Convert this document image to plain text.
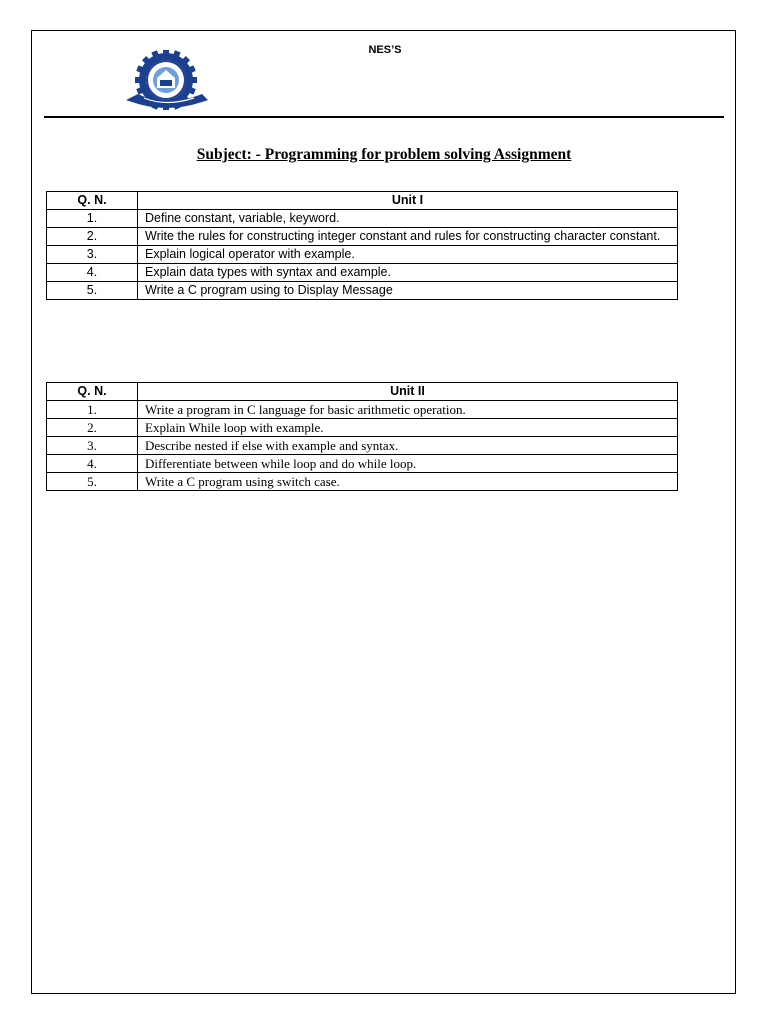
NES’S
Subject: - Programming for problem solving Assignment
Q. N.	Unit I
1.	Define constant, variable, keyword.
2.	Write the rules for constructing integer constant and rules for constructing character constant.
3.	Explain logical operator with example.
4.	Explain data types with syntax and example.
5.	Write a C program using to Display Message
Q. N.	Unit II
1.	Write a program in C language for basic arithmetic operation.
2.	Explain While loop with example.
3.	Describe nested if else with example and syntax.
4.	Differentiate between while loop and do while loop.
5.	Write a C program using switch case.
